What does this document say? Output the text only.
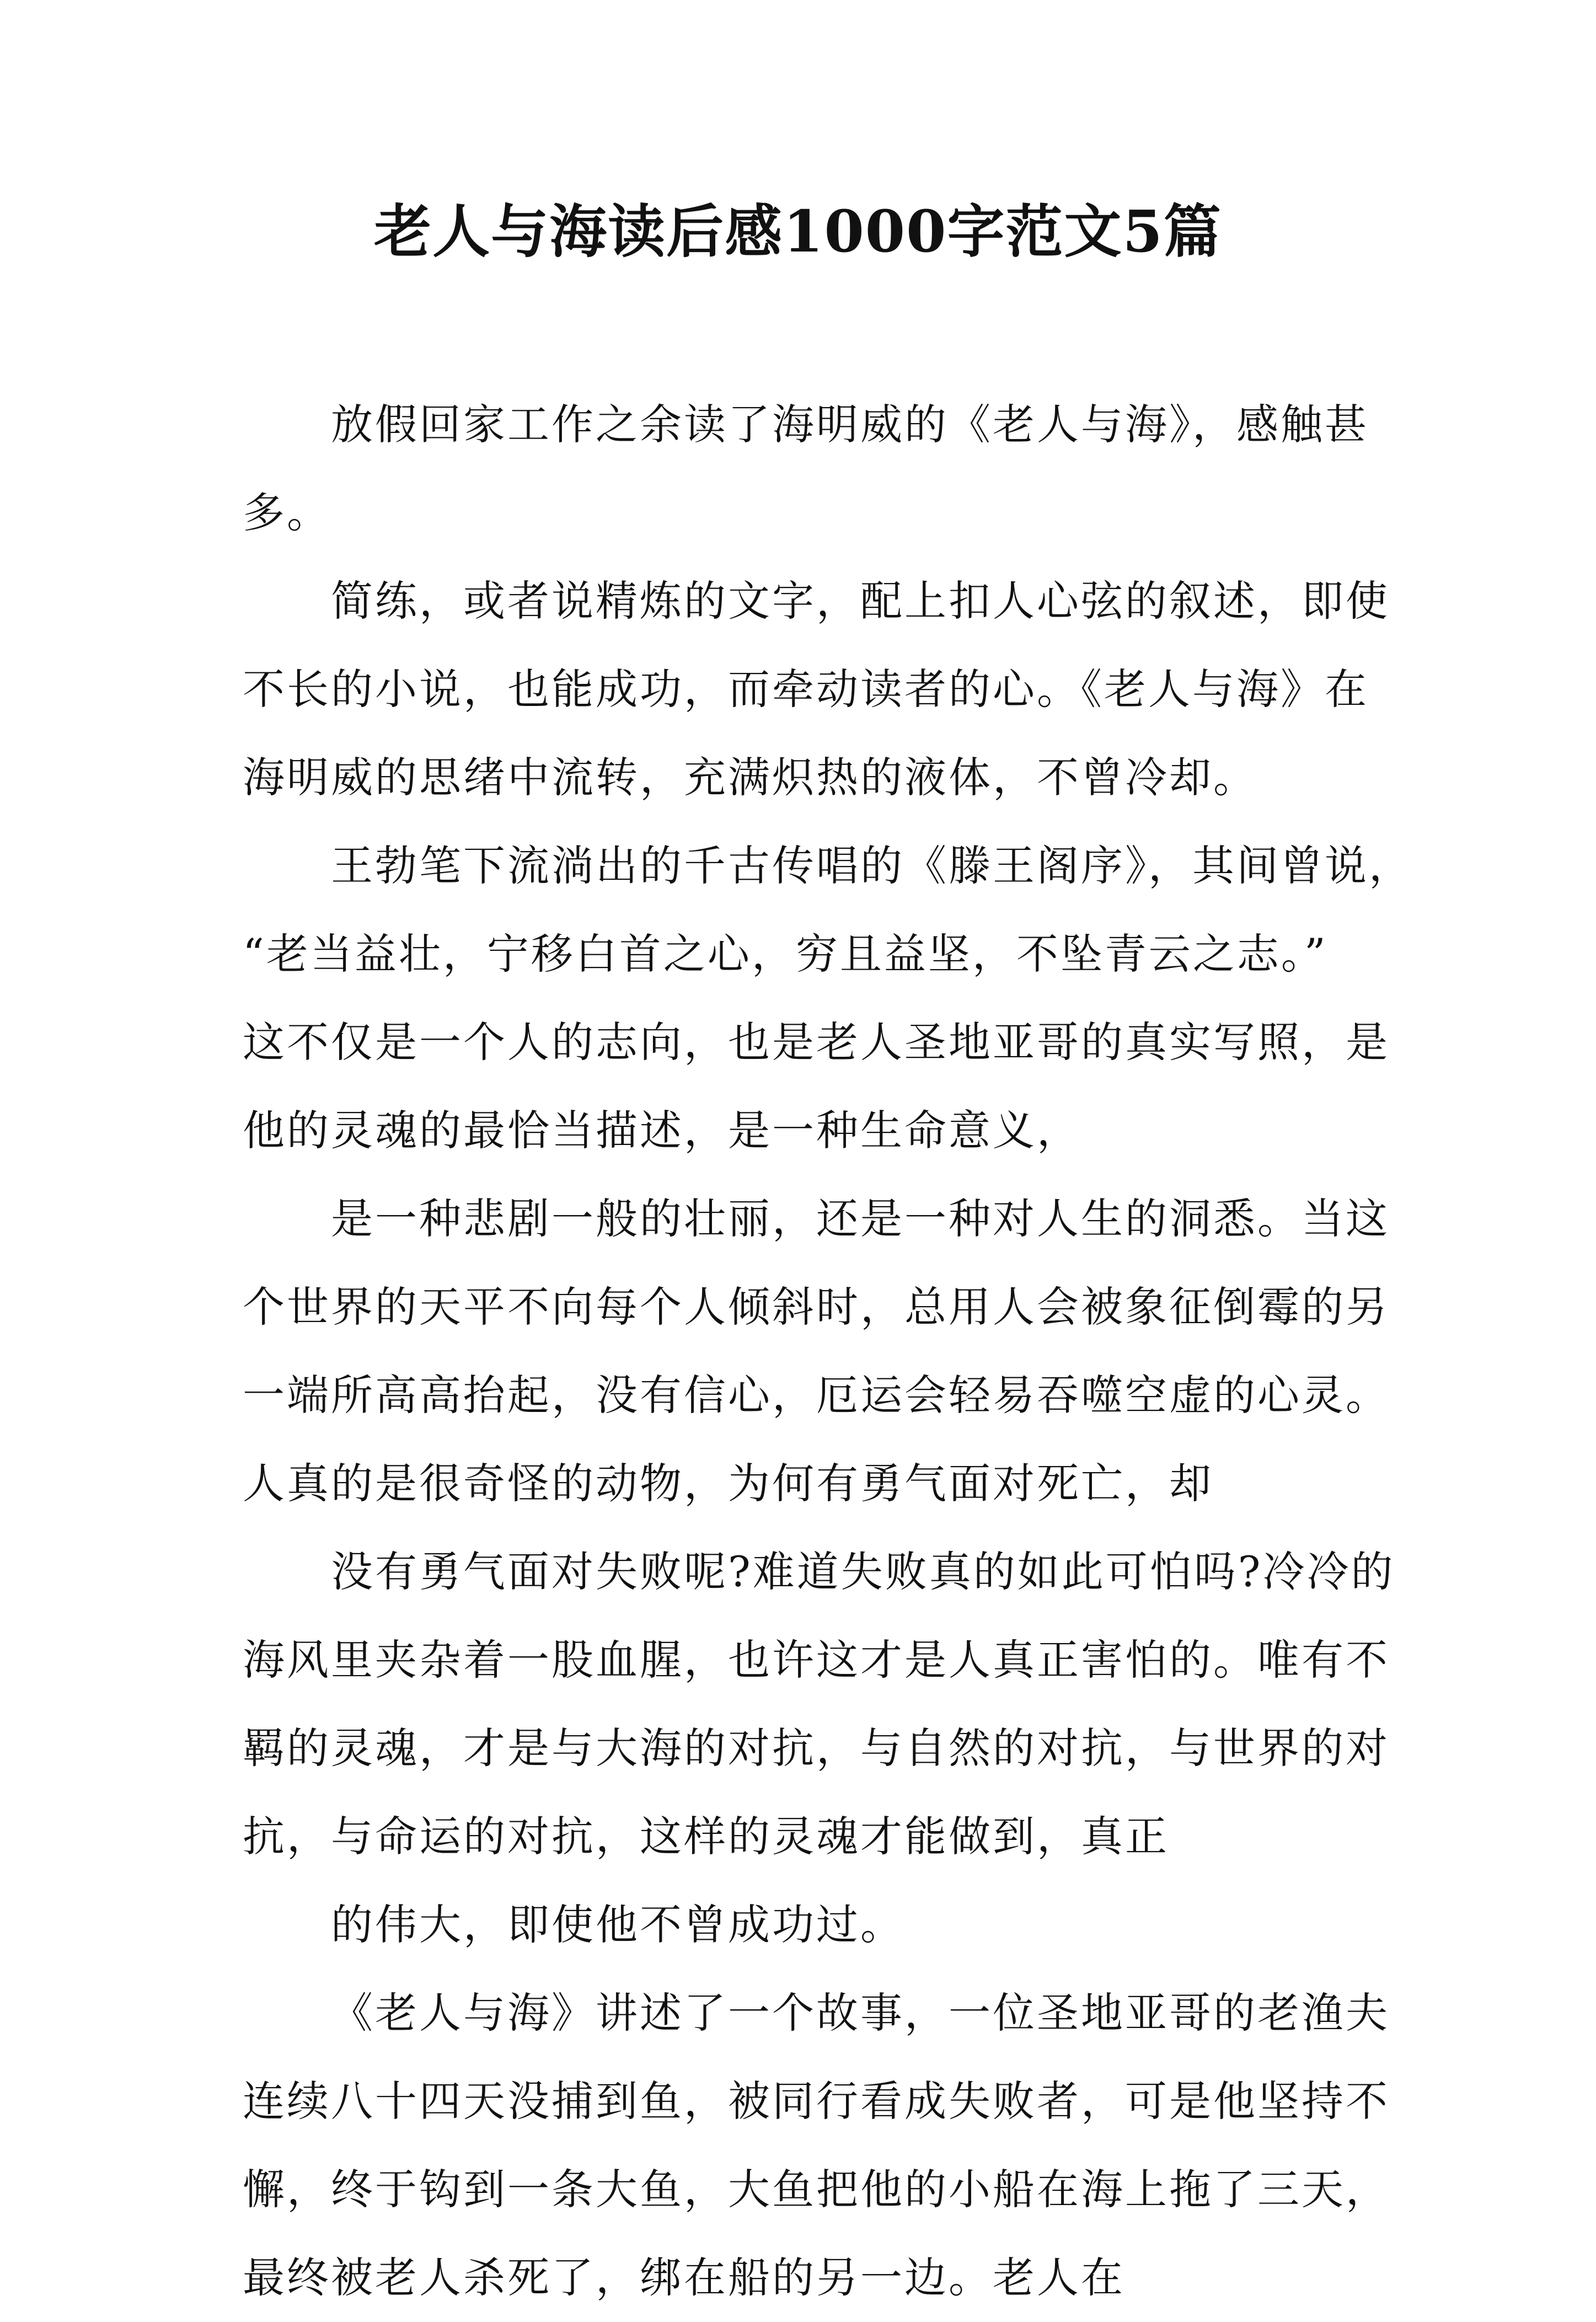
老人与海读后感1000字范文5篇
放假回家工作之余读了海明威的《老人与海》，感触甚
多。
简练，或者说精炼的文字，配上扣人心弦的叙述，即使
不长的小说，也能成功，而牵动读者的心。《老人与海》在
海明威的思绪中流转，充满炽热的液体，不曾冷却。
王勃笔下流淌出的千古传唱的《滕王阁序》，其间曾说，
“老当益壮，宁移白首之心，穷且益坚，不坠青云之志。”
这不仅是一个人的志向，也是老人圣地亚哥的真实写照，是
他的灵魂的最恰当描述，是一种生命意义，
是一种悲剧一般的壮丽，还是一种对人生的洞悉。当这
个世界的天平不向每个人倾斜时，总用人会被象征倒霉的另
一端所高高抬起，没有信心，厄运会轻易吞噬空虚的心灵。
人真的是很奇怪的动物，为何有勇气面对死亡，却
没有勇气面对失败呢?难道失败真的如此可怕吗?冷冷的
海风里夹杂着一股血腥，也许这才是人真正害怕的。唯有不
羁的灵魂，才是与大海的对抗，与自然的对抗，与世界的对
抗，与命运的对抗，这样的灵魂才能做到，真正
的伟大，即使他不曾成功过。
《老人与海》讲述了一个故事，一位圣地亚哥的老渔夫
连续八十四天没捕到鱼，被同行看成失败者，可是他坚持不
懈，终于钩到一条大鱼，大鱼把他的小船在海上拖了三天，
最终被老人杀死了，绑在船的另一边。老人在
